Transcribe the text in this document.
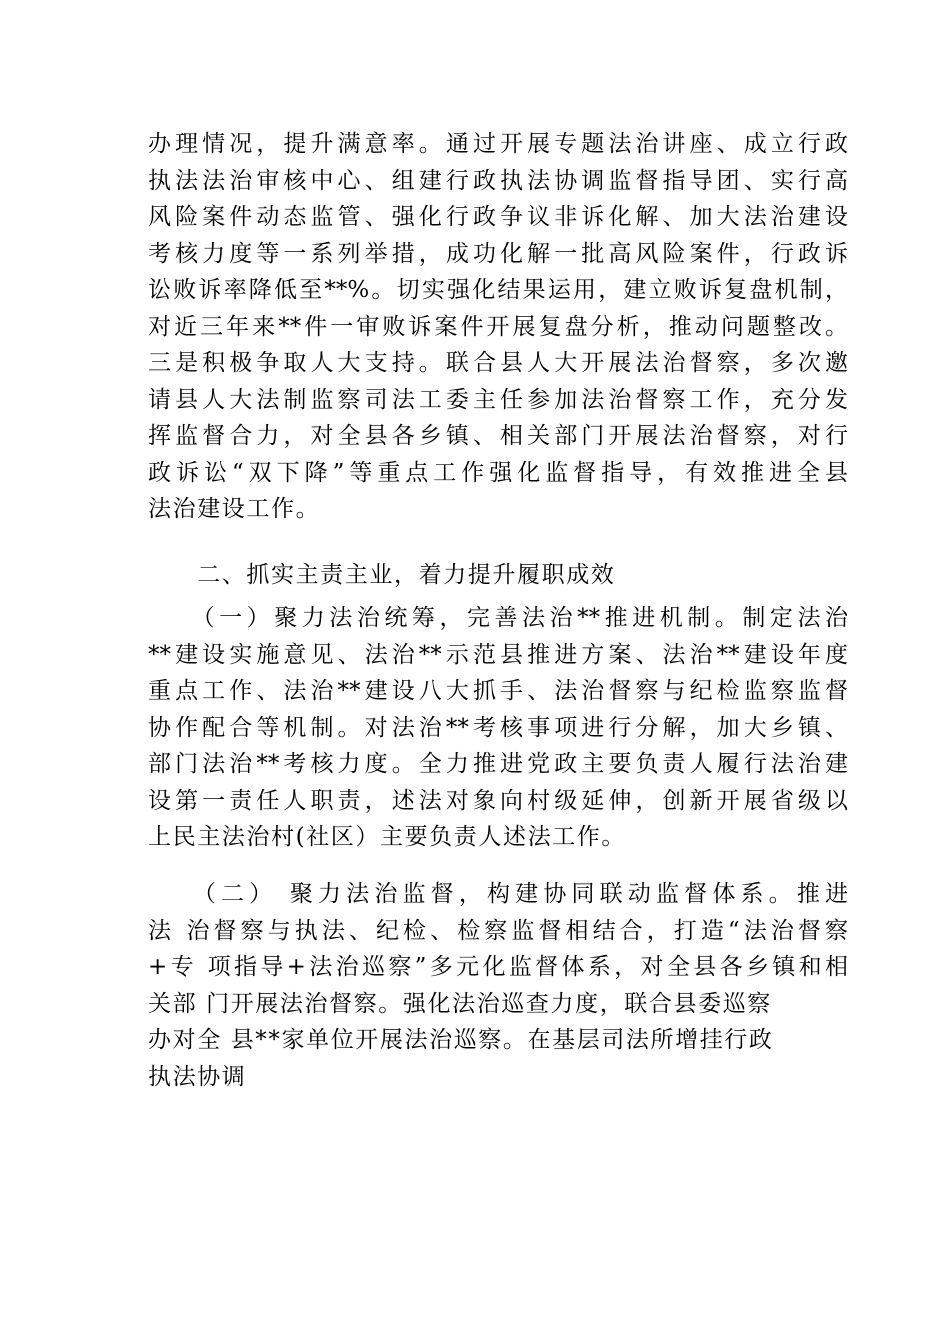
办理情况，提升满意率。通过开展专题法治讲座、成立行政
执法法治审核中心、组建行政执法协调监督指导团、实行高
风险案件动态监管、强化行政争议非诉化解、加大法治建设
考核力度等一系列举措，成功化解一批高风险案件，行政诉
讼败诉率降低至**%。切实强化结果运用，建立败诉复盘机制，
对近三年来**件一审败诉案件开展复盘分析，推动问题整改。
三是积极争取人大支持。联合县人大开展法治督察，多次邀
请县人大法制监察司法工委主任参加法治督察工作，充分发
挥监督合力，对全县各乡镇、相关部门开展法治督察，对行
政诉讼“双下降”等重点工作强化监督指导，有效推进全县
法治建设工作。
　　二、抓实主责主业，着力提升履职成效
　　（一）聚力法治统筹，完善法治**推进机制。制定法治
**建设实施意见、法治**示范县推进方案、法治**建设年度
重点工作、法治**建设八大抓手、法治督察与纪检监察监督
协作配合等机制。对法治**考核事项进行分解，加大乡镇、
部门法治**考核力度。全力推进党政主要负责人履行法治建
设第一责任人职责，述法对象向村级延伸，创新开展省级以
上民主法治村(社区）主要负责人述法工作。
　　（二） 聚力法治监督，构建协同联动监督体系。推进
法 治督察与执法、纪检、检察监督相结合，打造“法治督察
+专 项指导+法治巡察”多元化监督体系，对全县各乡镇和相
关部 门开展法治督察。强化法治巡查力度，联合县委巡察
办对全 县**家单位开展法治巡察。在基层司法所增挂行政
执法协调
